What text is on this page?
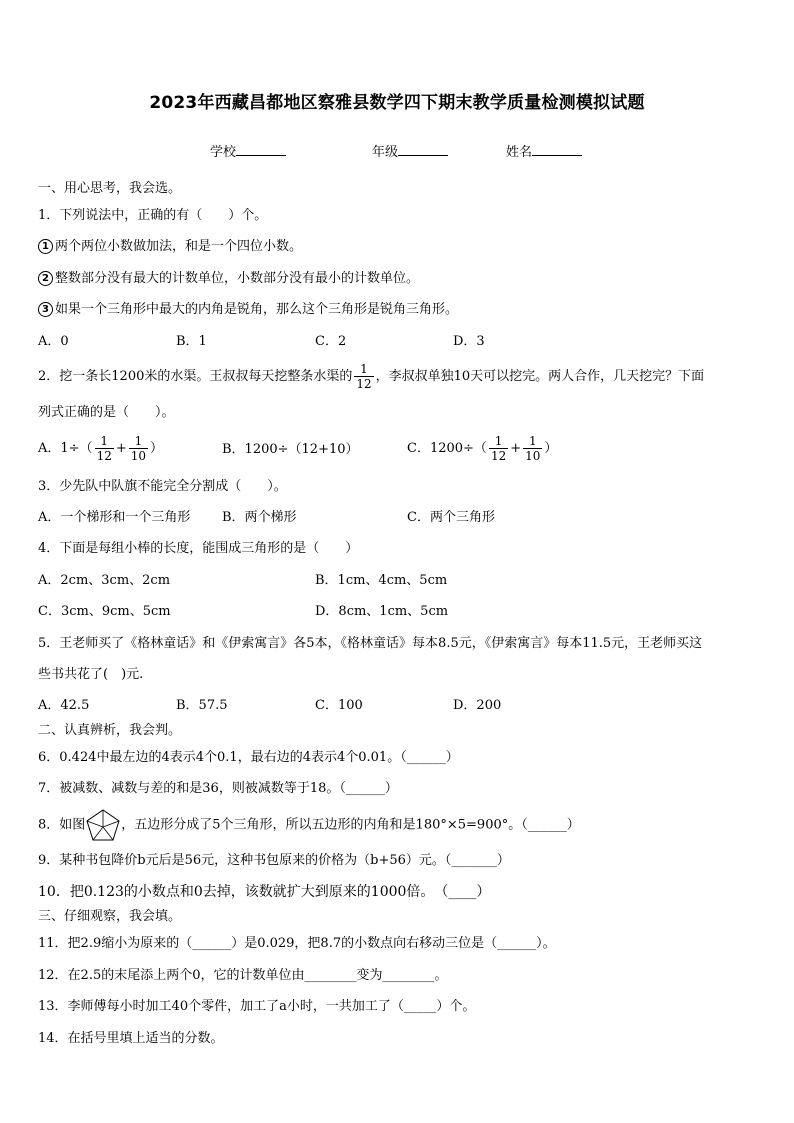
2023年西藏昌都地区察雅县数学四下期末教学质量检测模拟试题
学校	年级	姓名
一、用心思考，我会选。
1．下列说法中，正确的有（　　）个。
1 两个两位小数做加法，和是一个四位小数。
2 整数部分没有最大的计数单位，小数部分没有最小的计数单位。
3 如果一个三角形中最大的内角是锐角，那么这个三角形是锐角三角形。
A．0	B．1	C．2	D．3
2．挖一条长1200米的水渠。王叔叔每天挖整条水渠的 $\frac{1}{12}$ ，李叔叔单独10天可以挖完。两人合作，几天挖完？下面
列式正确的是（　　）。
A．$1\div( \frac{1}{12} + \frac{1}{10}$ ）	B．1200÷（12+10）	C．$1200\div( \frac{1}{12} + \frac{1}{10}$ ）
3．少先队中队旗不能完全分割成（　　）。
A．一个梯形和一个三角形 B．两个梯形	C．两个三角形
4．下面是每组小棒的长度，能围成三角形的是（　　）
A．2cm、3cm、2cm	B．1cm、4cm、5cm
C．3cm、9cm、5cm	D．8cm、1cm、5cm
5．王老师买了《格林童话》和《伊索寓言》各5本，《格林童话》每本8.5元，《伊索寓言》每本11.5元，王老师买这
些书共花了(　)元.
A．42.5	B．57.5	C．100	D．200
二、认真辨析，我会判。
6．0.424中最左边的4表示4个0.1，最右边的4表示4个0.01。（______）
7．被减数、减数与差的和是36，则被减数等于18。（______）
8．如图	，五边形分成了5个三角形，所以五边形的内角和是180°×5=900°。（______）
9．某种书包降价b元后是56元，这种书包原来的价格为（b+56）元。（_______）
10．把0.123的小数点和0去掉，该数就扩大到原来的1000倍。　（____）
三、仔细观察，我会填。
11．把2.9缩小为原来的（______）是0.029，把8.7的小数点向右移动三位是（______）。
12．在2.5的末尾添上两个0，它的计数单位由________变为________。
13．李师傅每小时加工40个零件，加工了a小时，一共加工了（_____）个。
14．在括号里填上适当的分数。
